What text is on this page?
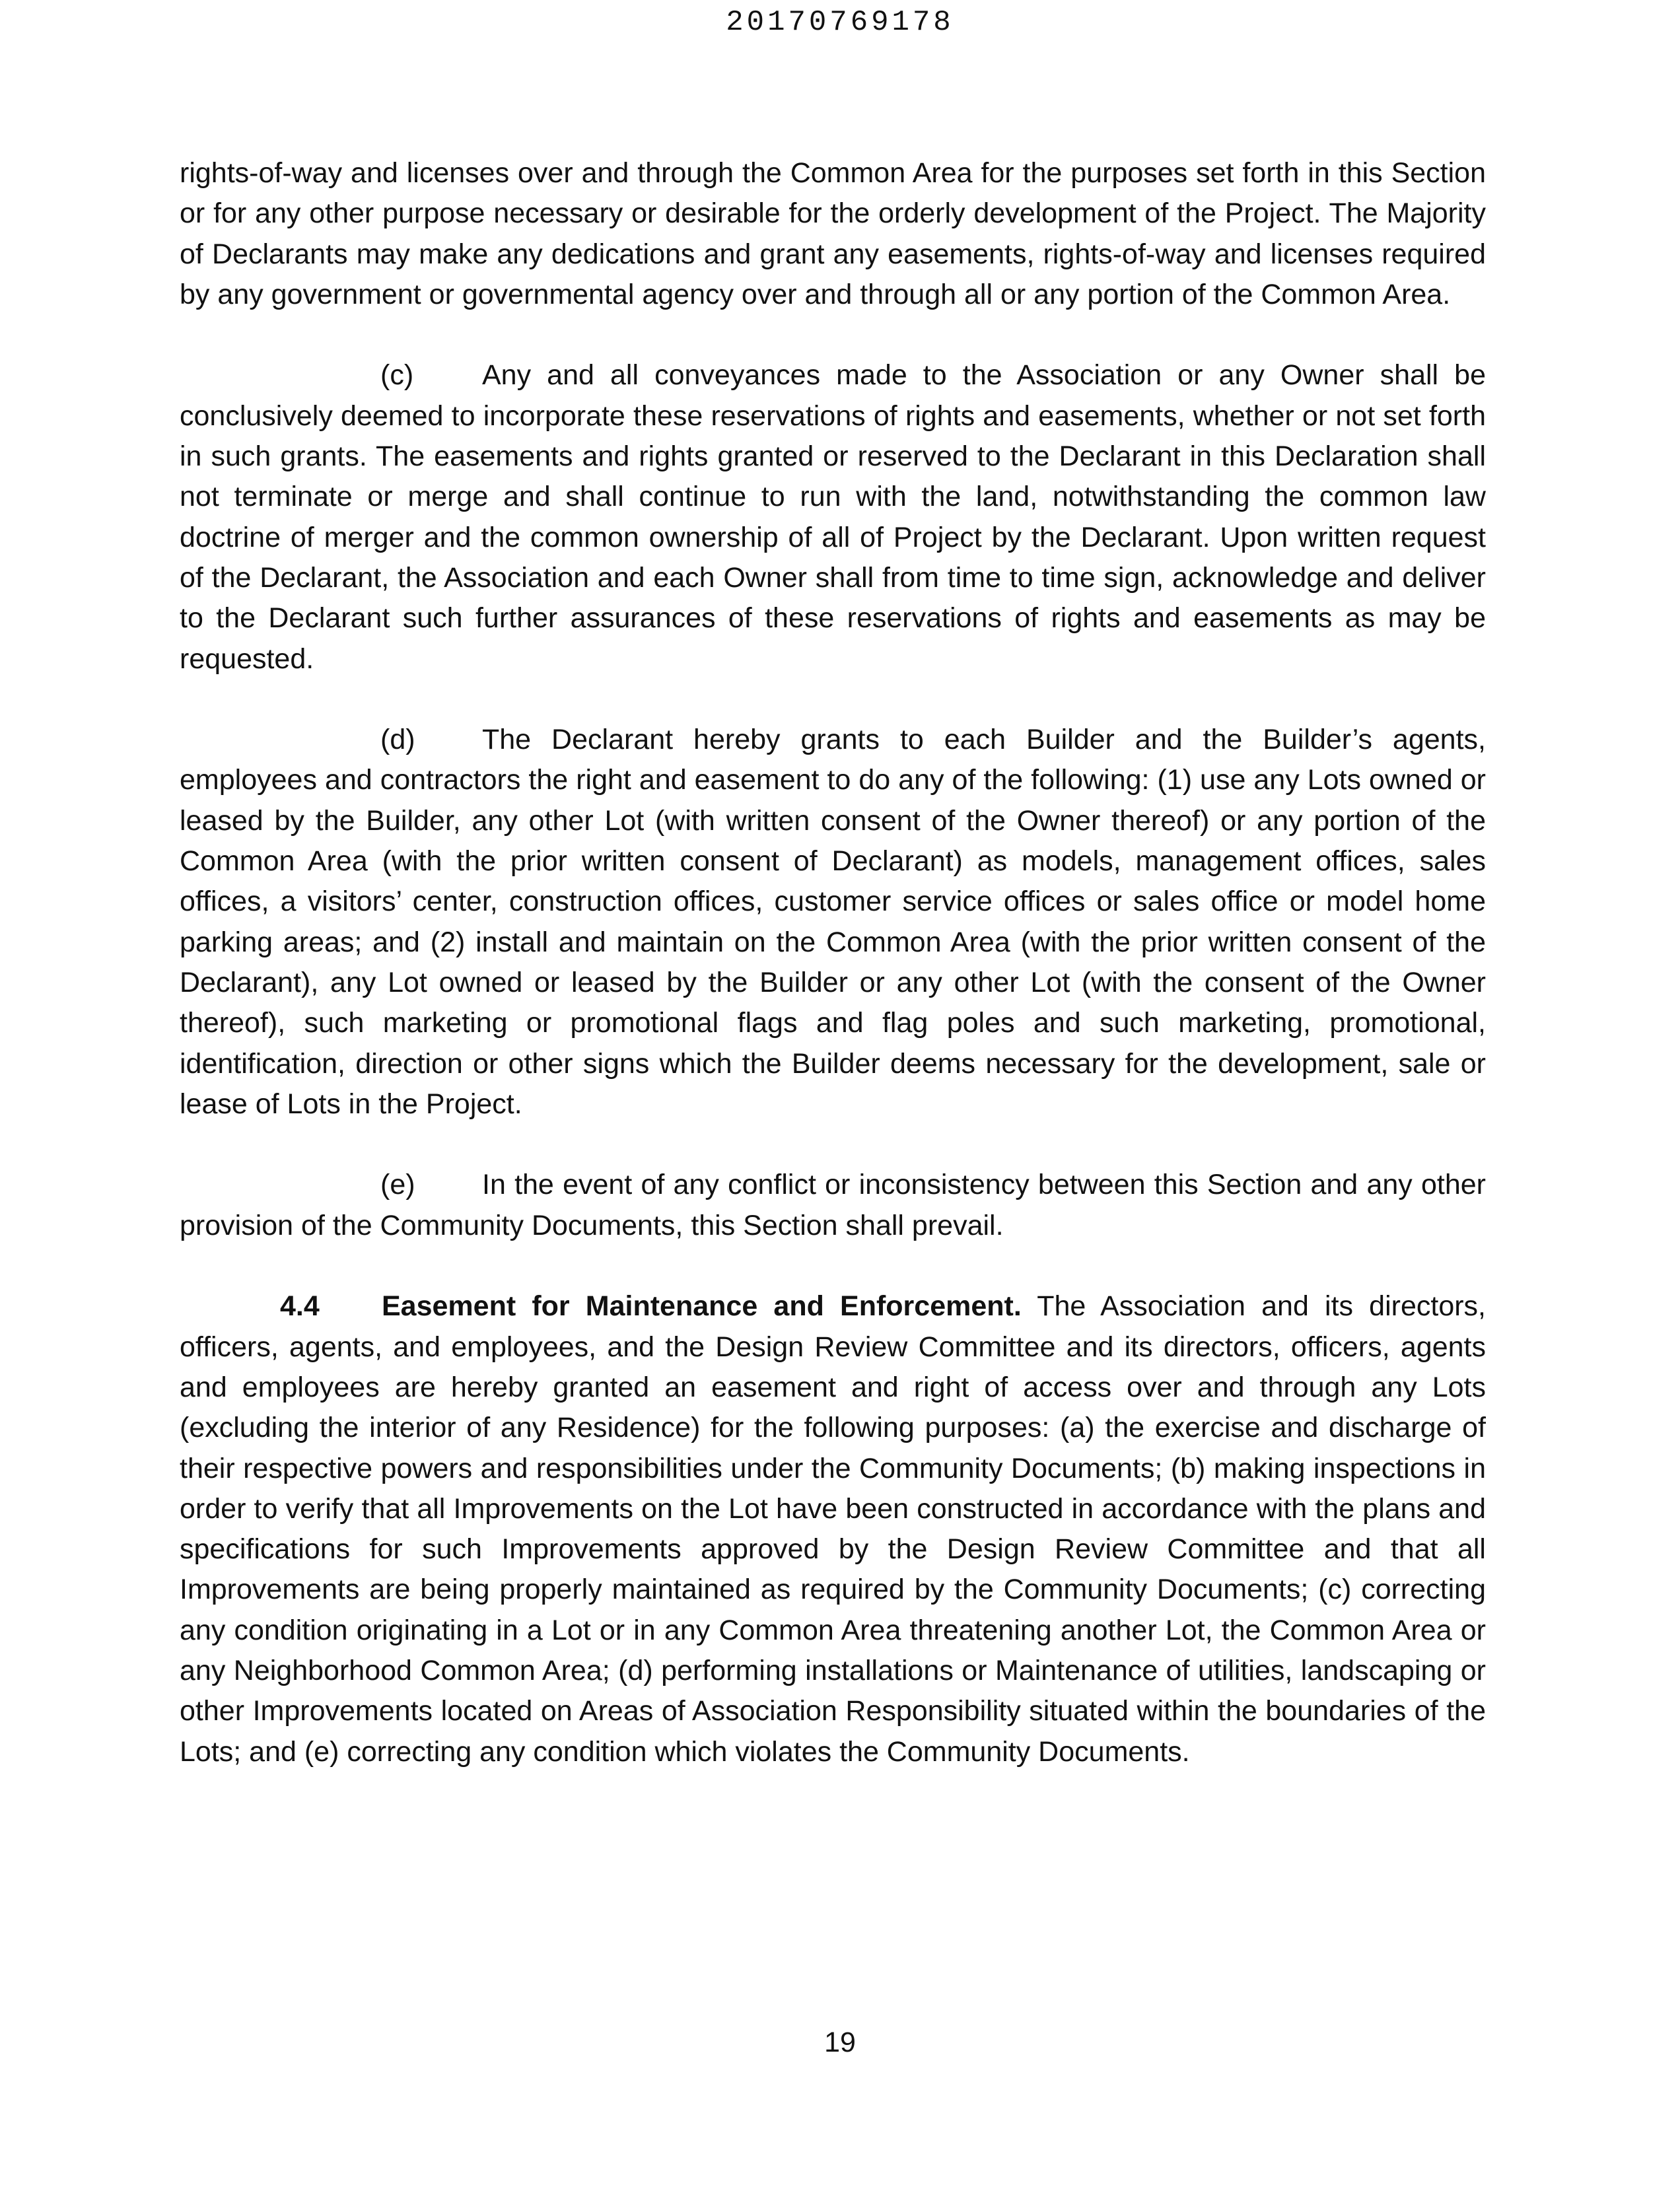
20170769178

rights-of-way and licenses over and through the Common Area for the purposes set forth in this Section or for any other purpose necessary or desirable for the orderly development of the Project. The Majority of Declarants may make any dedications and grant any easements, rights-of-way and licenses required by any government or governmental agency over and through all or any portion of the Common Area.

(c) Any and all conveyances made to the Association or any Owner shall be conclusively deemed to incorporate these reservations of rights and easements, whether or not set forth in such grants. The easements and rights granted or reserved to the Declarant in this Declaration shall not terminate or merge and shall continue to run with the land, notwithstanding the common law doctrine of merger and the common ownership of all of Project by the Declarant. Upon written request of the Declarant, the Association and each Owner shall from time to time sign, acknowledge and deliver to the Declarant such further assurances of these reservations of rights and easements as may be requested.

(d) The Declarant hereby grants to each Builder and the Builder’s agents, employees and contractors the right and easement to do any of the following: (1) use any Lots owned or leased by the Builder, any other Lot (with written consent of the Owner thereof) or any portion of the Common Area (with the prior written consent of Declarant) as models, management offices, sales offices, a visitors’ center, construction offices, customer service offices or sales office or model home parking areas; and (2) install and maintain on the Common Area (with the prior written consent of the Declarant), any Lot owned or leased by the Builder or any other Lot (with the consent of the Owner thereof), such marketing or promotional flags and flag poles and such marketing, promotional, identification, direction or other signs which the Builder deems necessary for the development, sale or lease of Lots in the Project.

(e) In the event of any conflict or inconsistency between this Section and any other provision of the Community Documents, this Section shall prevail.

4.4 Easement for Maintenance and Enforcement. The Association and its directors, officers, agents, and employees, and the Design Review Committee and its directors, officers, agents and employees are hereby granted an easement and right of access over and through any Lots (excluding the interior of any Residence) for the following purposes: (a) the exercise and discharge of their respective powers and responsibilities under the Community Documents; (b) making inspections in order to verify that all Improvements on the Lot have been constructed in accordance with the plans and specifications for such Improvements approved by the Design Review Committee and that all Improvements are being properly maintained as required by the Community Documents; (c) correcting any condition originating in a Lot or in any Common Area threatening another Lot, the Common Area or any Neighborhood Common Area; (d) performing installations or Maintenance of utilities, landscaping or other Improvements located on Areas of Association Responsibility situated within the boundaries of the Lots; and (e) correcting any condition which violates the Community Documents.

19
